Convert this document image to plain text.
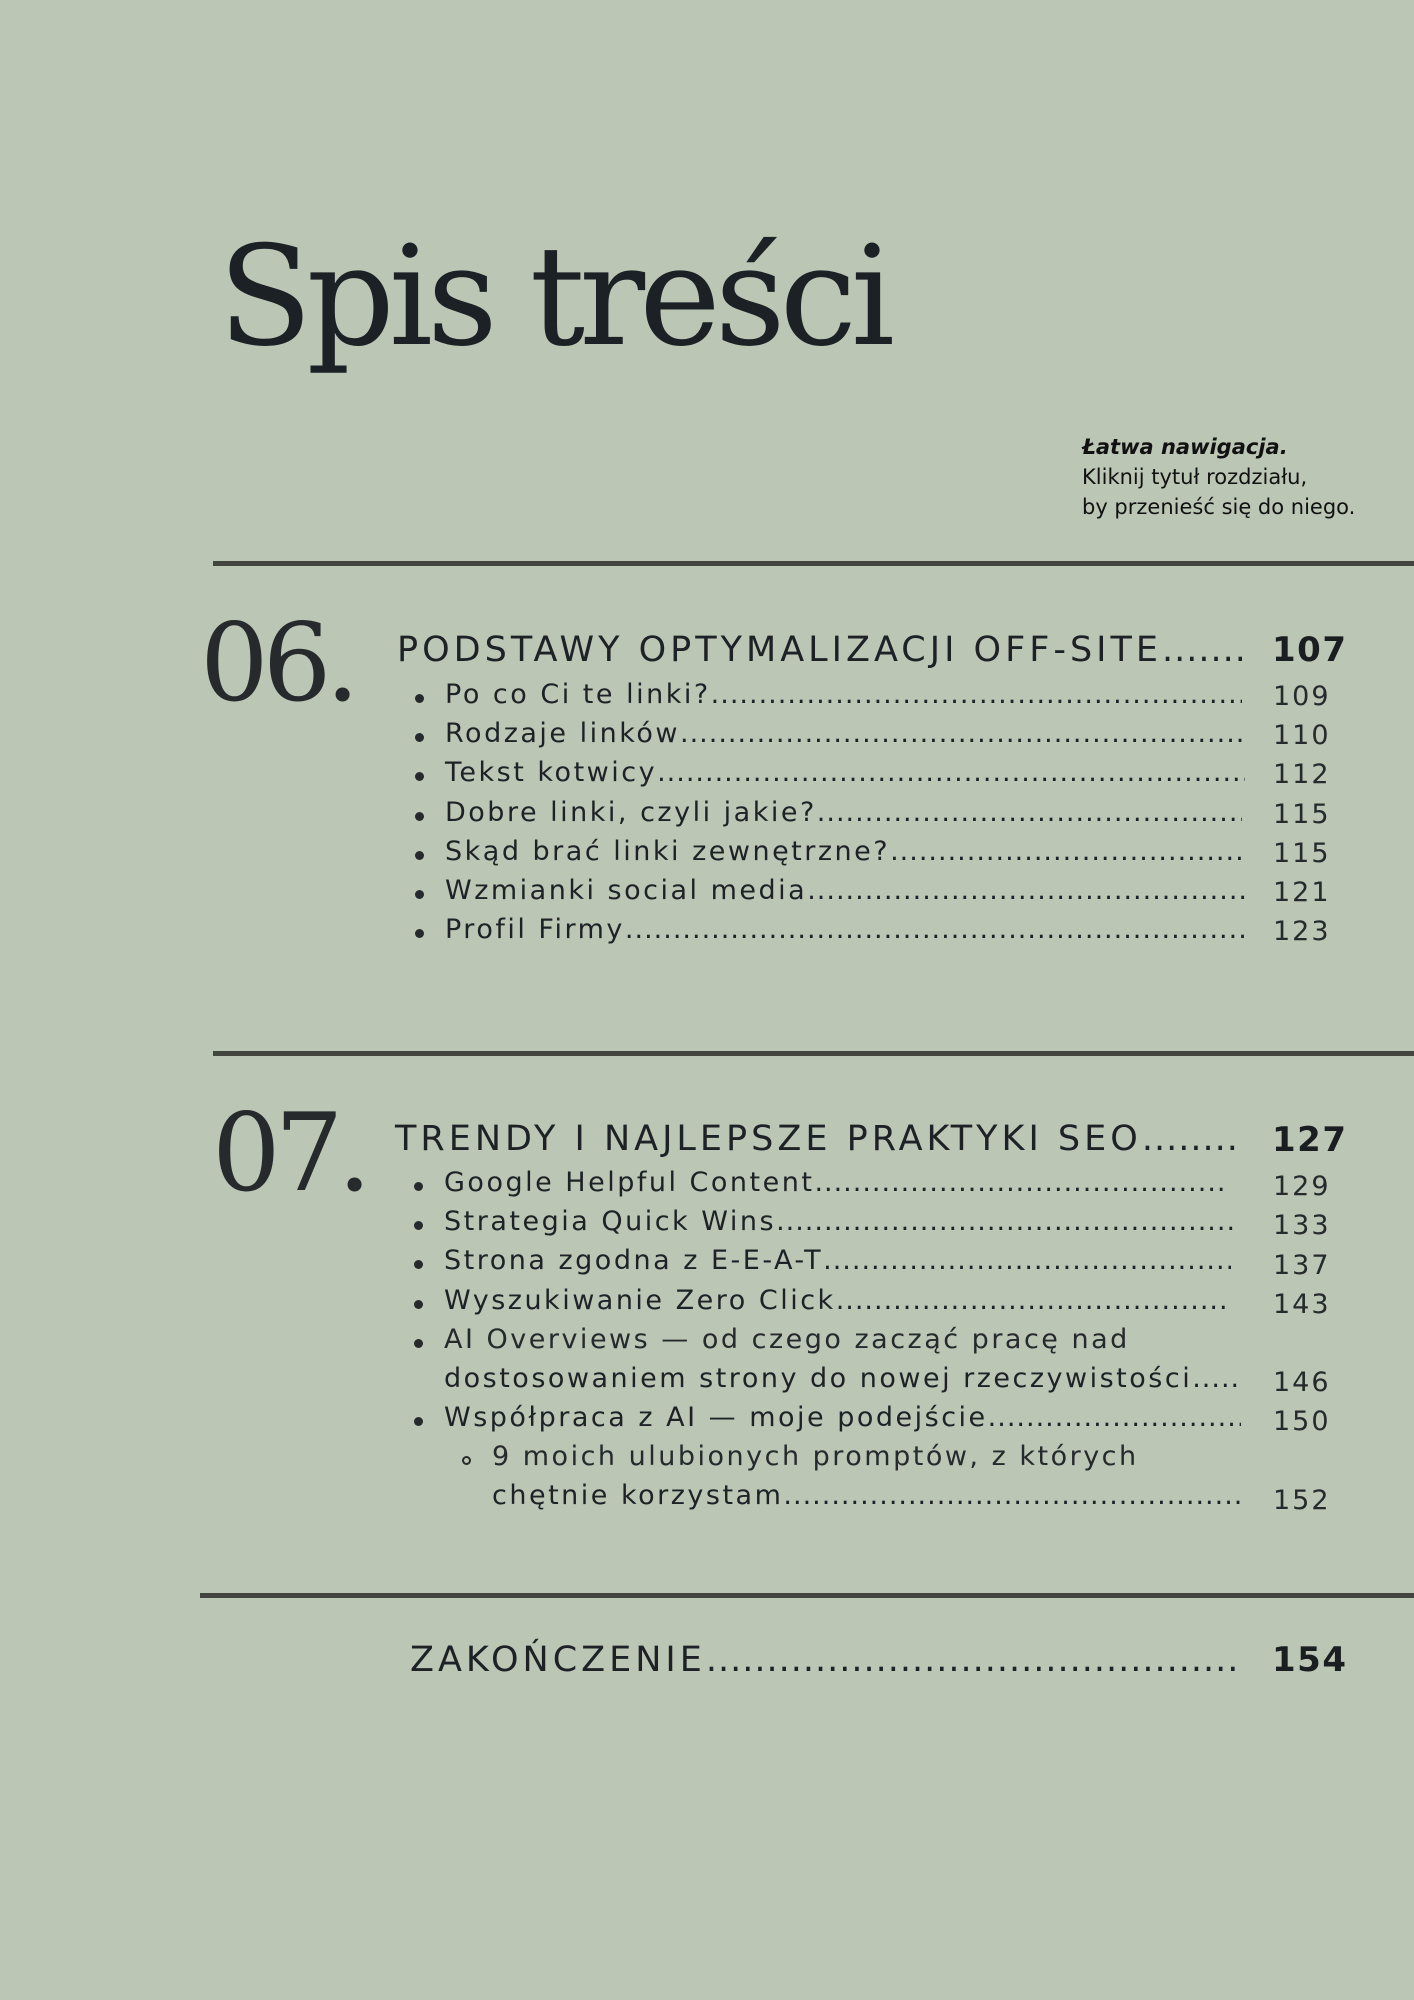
Spis treści
Łatwa nawigacja.
Kliknij tytuł rozdziału,
by przenieść się do niego.
06. PODSTAWY OPTYMALIZACJI OFF-SITE .....	107
Po co Ci te linki? .....	109
Rodzaje linków .....	110
Tekst kotwicy .....	112
Dobre linki, czyli jakie? .....	115
Skąd brać linki zewnętrzne? .....	115
Wzmianki social media .....	121
Profil Firmy .....	123
07. TRENDY I NAJLEPSZE PRAKTYKI SEO .....	127
Google Helpful Content .....	129
Strategia Quick Wins .....	133
Strona zgodna z E-E-A-T .....	137
Wyszukiwanie Zero Click .....	143
AI Overviews — od czego zacząć pracę nad
dostosowaniem strony do nowej rzeczywistości .....	146
Współpraca z AI — moje podejście .....	150
9 moich ulubionych promptów, z których
chętnie korzystam .....	152
ZAKOŃCZENIE .....	154
